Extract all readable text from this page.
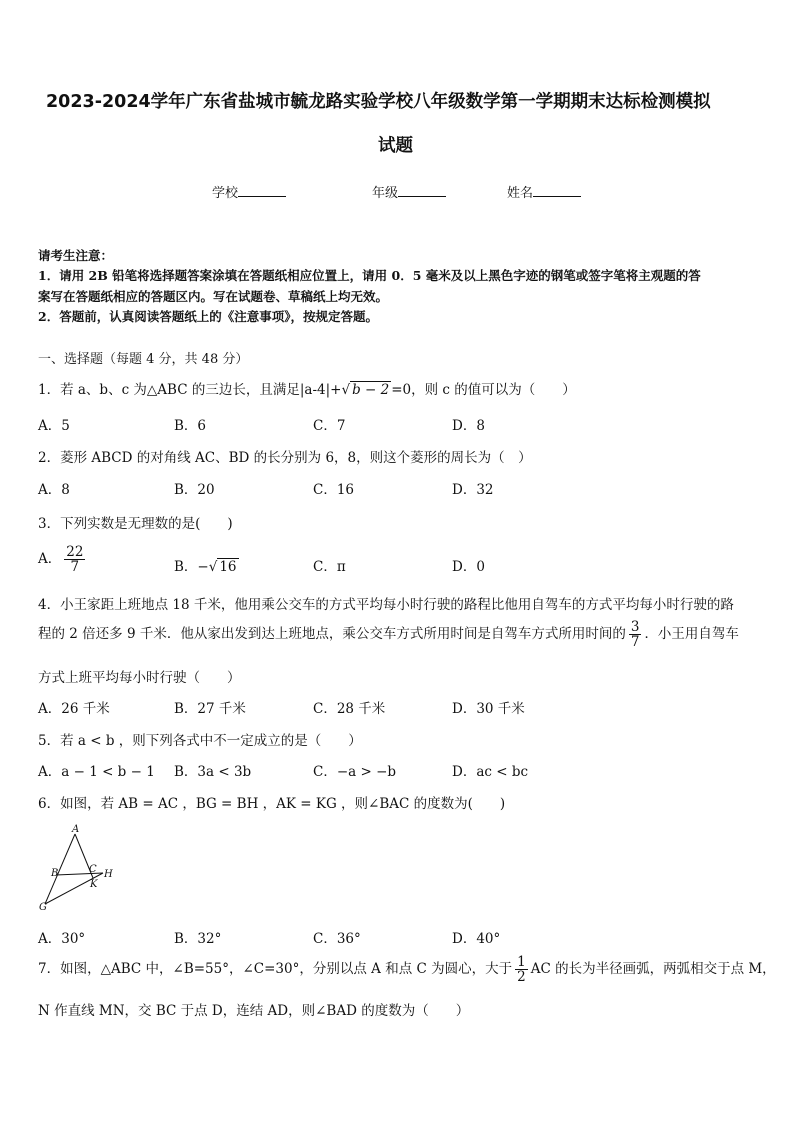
2023-2024学年广东省盐城市毓龙路实验学校八年级数学第一学期期末达标检测模拟
试题
学校	年级	姓名
请考生注意：
1．请用 2B 铅笔将选择题答案涂填在答题纸相应位置上，请用 0．5 毫米及以上黑色字迹的钢笔或签字笔将主观题的答
案写在答题纸相应的答题区内。写在试题卷、草稿纸上均无效。
2．答题前，认真阅读答题纸上的《注意事项》，按规定答题。
一、选择题（每题 4 分，共 48 分）
1．若 a、b、c 为△ABC 的三边长，且满足|a-4|+√ b − 2 =0，则 c 的值可以为（　　）
A．5	B．6	C．7	D．8
2．菱形 ABCD 的对角线 AC、BD 的长分别为 6，8，则这个菱形的周长为（　）
A．8	B．20	C．16	D．32
3．下列实数是无理数的是(　　)
A． $\frac{22}{7}$	B．−√ 16	C．π	D．0
4．小王家距上班地点 18 千米，他用乘公交车的方式平均每小时行驶的路程比他用自驾车的方式平均每小时行驶的路
程的 2 倍还多 9 千米．他从家出发到达上班地点，乘公交车方式所用时间是自驾车方式所用时间的 $\frac{3}{7}$ ．小王用自驾车
方式上班平均每小时行驶（　　）
A．26 千米	B．27 千米	C．28 千米	D．30 千米
5．若 a < b ，则下列各式中不一定成立的是（　　）
A．a − 1 < b − 1 B．3a < 3b	C．−a > −b	D．ac < bc
6．如图，若 AB = AC ，BG = BH ，AK = KG ，则∠BAC 的度数为(　　)
A
B	C H
K
G
A．30°	B．32°	C．36°	D．40°
7．如图，△ABC 中，∠B=55°，∠C=30°，分别以点 A 和点 C 为圆心，大于 $\frac{1}{2}$ AC 的长为半径画弧，两弧相交于点 M，
N 作直线 MN，交 BC 于点 D，连结 AD，则∠BAD 的度数为（　　）
